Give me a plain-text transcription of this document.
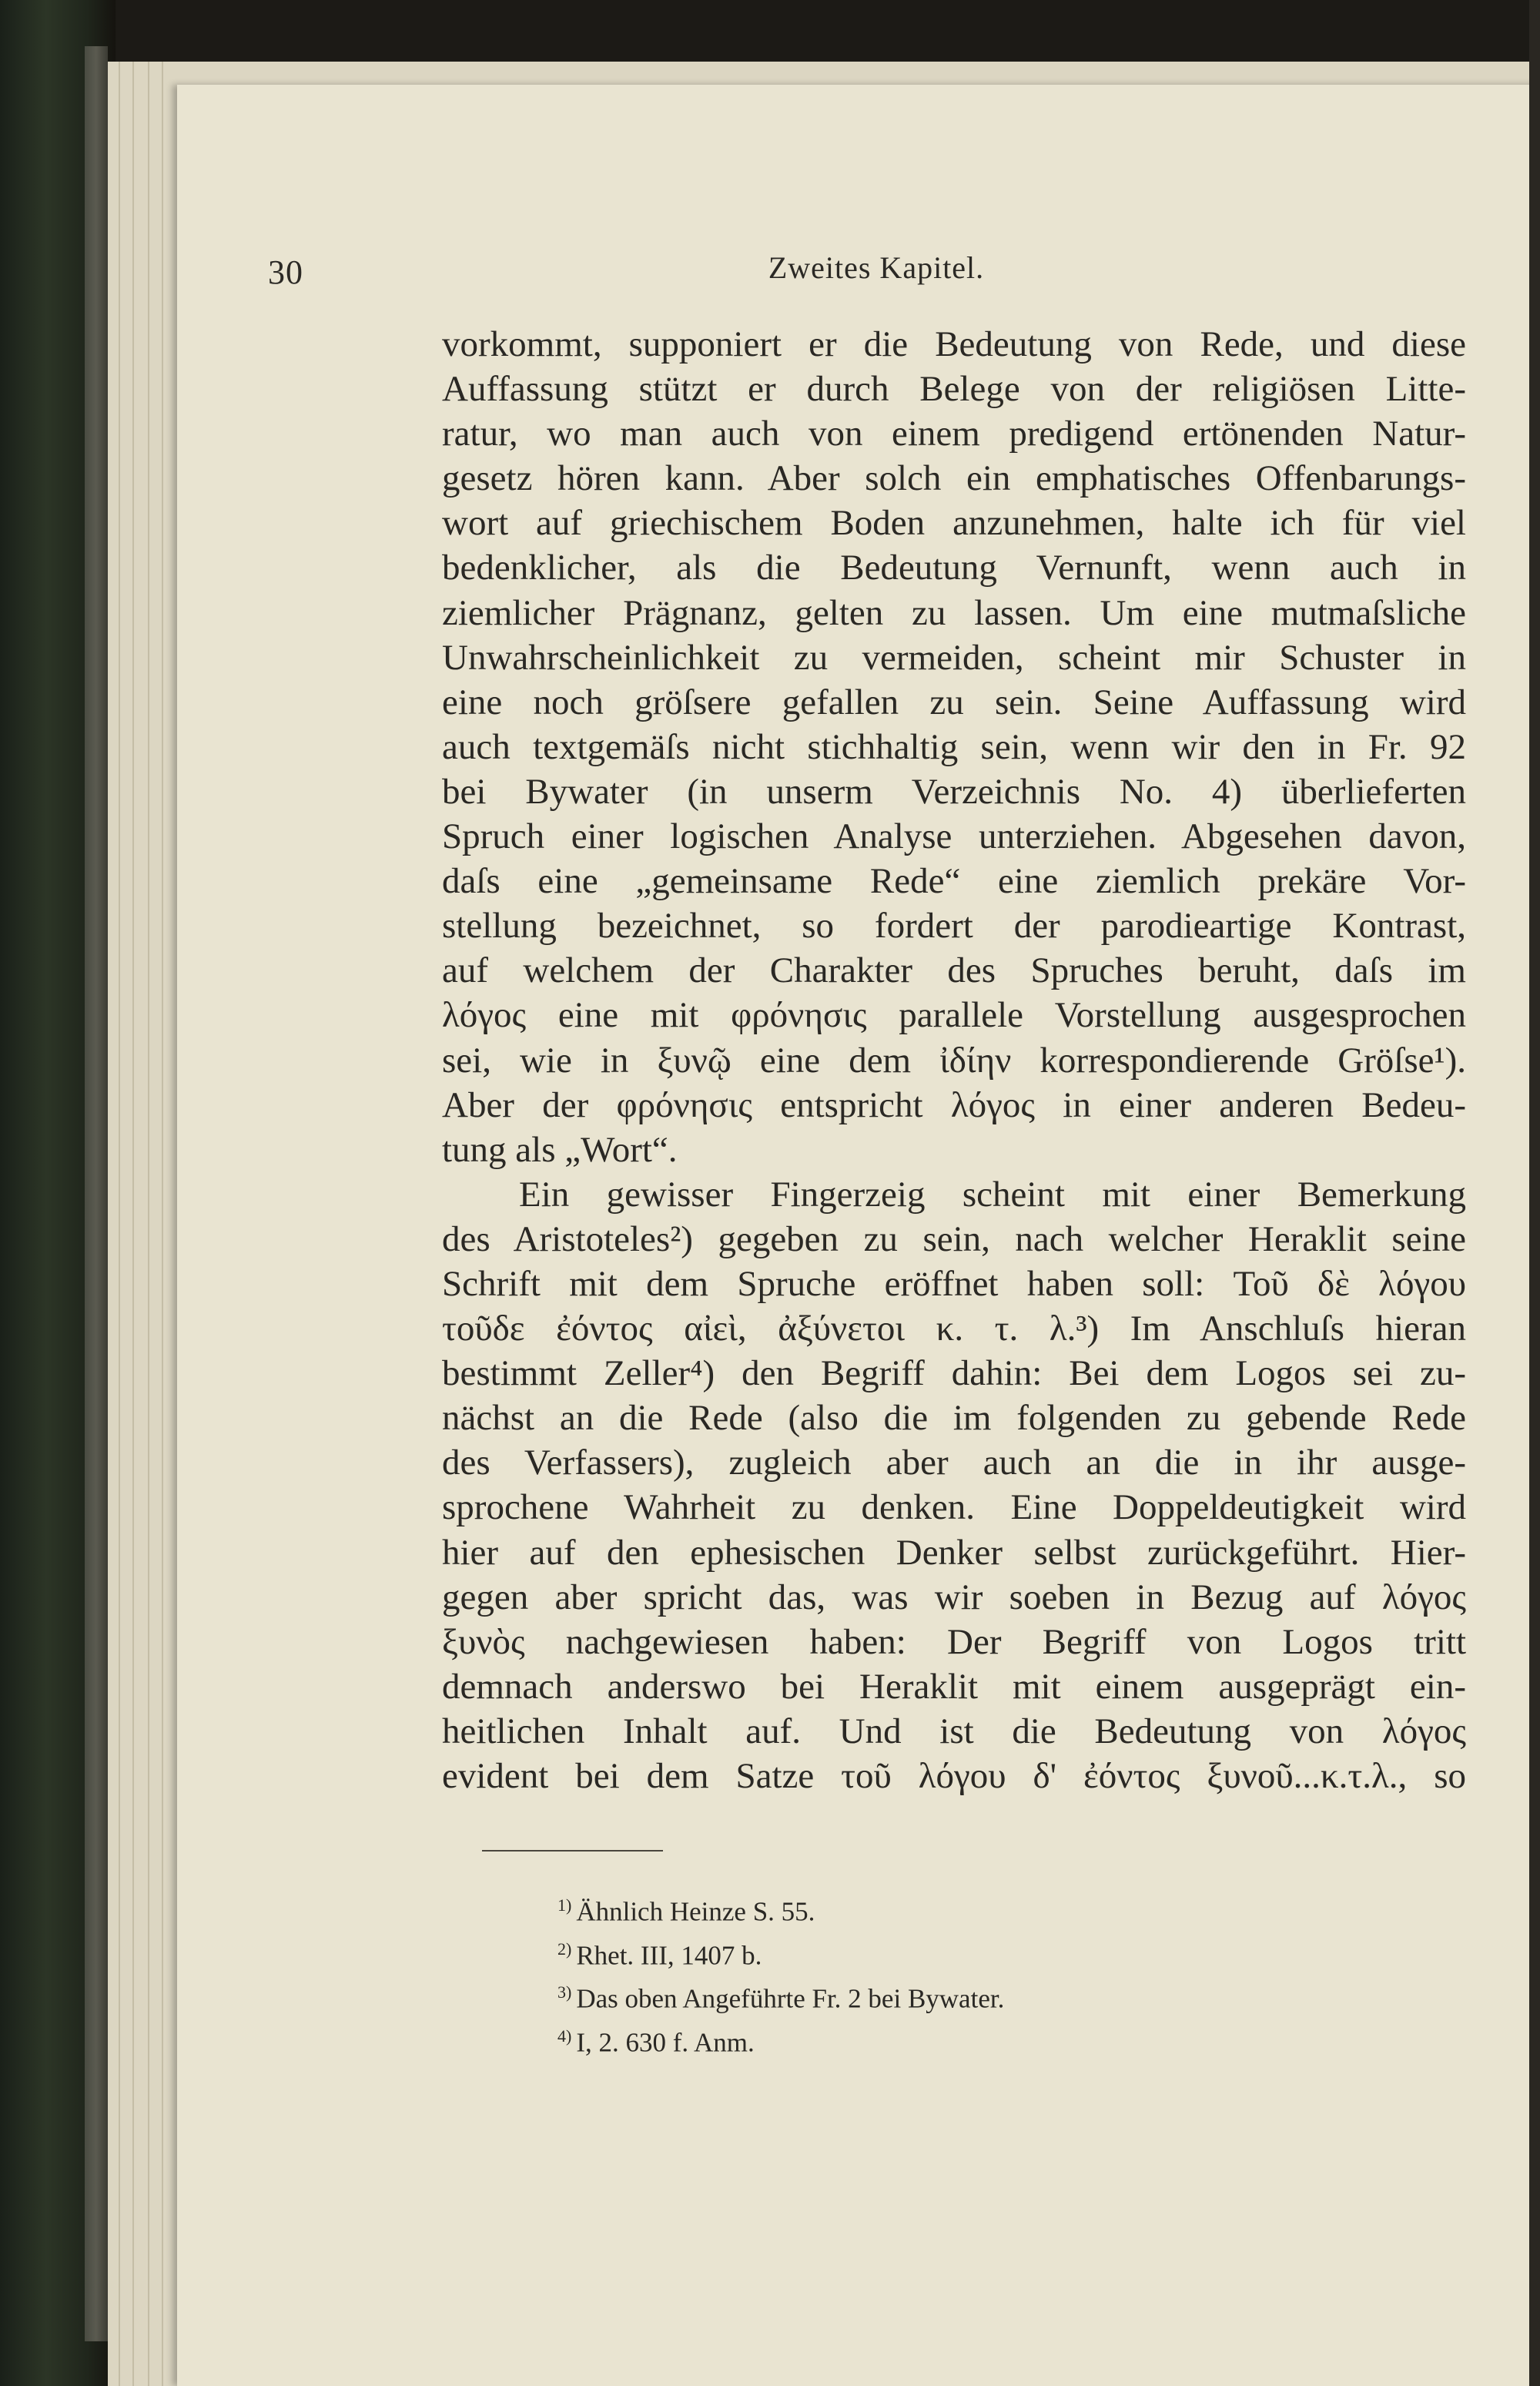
30	Zweites Kapitel.
vorkommt, supponiert er die Bedeutung von Rede, und diese
Auffassung stützt er durch Belege von der religiösen Litte-
ratur, wo man auch von einem predigend ertönenden Natur-
gesetz hören kann. Aber solch ein emphatisches Offenbarungs-
wort auf griechischem Boden anzunehmen, halte ich für viel
bedenklicher, als die Bedeutung Vernunft, wenn auch in
ziemlicher Prägnanz, gelten zu lassen. Um eine mutmaſsliche
Unwahrscheinlichkeit zu vermeiden, scheint mir Schuster in
eine noch gröſsere gefallen zu sein. Seine Auffassung wird
auch textgemäſs nicht stichhaltig sein, wenn wir den in Fr. 92
bei Bywater (in unserm Verzeichnis No. 4) überlieferten
Spruch einer logischen Analyse unterziehen. Abgesehen davon,
daſs eine „gemeinsame Rede“ eine ziemlich prekäre Vor-
stellung bezeichnet, so fordert der parodieartige Kontrast,
auf welchem der Charakter des Spruches beruht, daſs im
λόγος eine mit φρόνησις parallele Vorstellung ausgesprochen
sei, wie in ξυνῷ eine dem ἰδίην korrespondierende Gröſse¹).
Aber der φρόνησις entspricht λόγος in einer anderen Bedeu-
tung als „Wort“.
Ein gewisser Fingerzeig scheint mit einer Bemerkung
des Aristoteles²) gegeben zu sein, nach welcher Heraklit seine
Schrift mit dem Spruche eröffnet haben soll: Τοῦ δὲ λόγου
τοῦδε ἐόντος αἰεὶ, ἀξύνετοι κ. τ. λ.³) Im Anschluſs hieran
bestimmt Zeller⁴) den Begriff dahin: Bei dem Logos sei zu-
nächst an die Rede (also die im folgenden zu gebende Rede
des Verfassers), zugleich aber auch an die in ihr ausge-
sprochene Wahrheit zu denken. Eine Doppeldeutigkeit wird
hier auf den ephesischen Denker selbst zurückgeführt. Hier-
gegen aber spricht das, was wir soeben in Bezug auf λόγος
ξυνὸς nachgewiesen haben: Der Begriff von Logos tritt
demnach anderswo bei Heraklit mit einem ausgeprägt ein-
heitlichen Inhalt auf. Und ist die Bedeutung von λόγος
evident bei dem Satze τοῦ λόγου δ' ἐόντος ξυνοῦ...κ.τ.λ., so
$^{1)}$ Ähnlich Heinze S. 55.
$^{2)}$ Rhet. III, 1407 b.
$^{3)}$ Das oben Angeführte Fr. 2 bei Bywater.
$^{4)}$ I, 2. 630 f. Anm.
